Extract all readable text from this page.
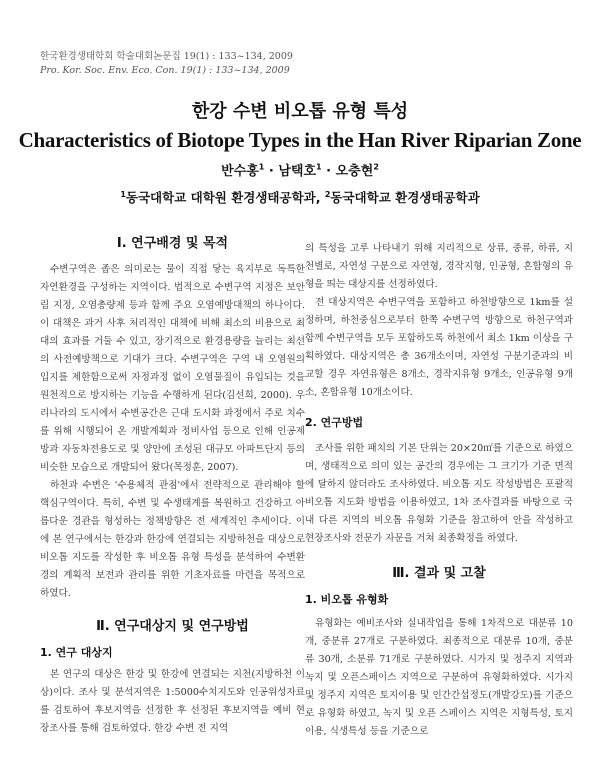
한국환경생태학회 학술대회논문집 19(1) : 133~134, 2009
Pro. Kor. Soc. Env. Eco. Con. 19(1) : 133~134, 2009
한강 수변 비오톱 유형 특성
Characteristics of Biotope Types in the Han River Riparian Zone
반수홍$^1$ · 남택호$^1$ · 오충현$^2$
$^1$동국대학교 대학원 환경생태공학과, $^2$동국대학교 환경생태공학과
Ⅰ. 연구배경 및 목적

수변구역은 좁은 의미로는 물이 직접 닿는 육지부로 독특한 자연환경을 구성하는 지역이다. 법적으로 수변구역 지정은 보안림 지정, 오염총량제 등과 함께 주요 오염예방대책의 하나이다. 이 대책은 과거 사후 처리적인 대책에 비해 최소의 비용으로 최대의 효과를 거둘 수 있고, 장기적으로 환경용량을 늘리는 최선의 사전예방책으로 기대가 크다. 수변구역은 구역 내 오염원의 입지를 제한함으로써 자정과정 없이 오염물질이 유입되는 것을 원천적으로 방지하는 기능을 수행하게 된다(김선희, 2000). 우리나라의 도시에서 수변공간은 근대 도시화 과정에서 주로 치수를 위해 시행되어 온 개발계획과 정비사업 등으로 인해 인공제방과 자동차전용도로 및 양안에 조성된 대규모 아파트단지 등의 비슷한 모습으로 개발되어 왔다(목정훈, 2007).

하천과 수변은 '수용체적 관점'에서 전략적으로 관리해야 할 핵심구역이다. 특히, 수변 및 수생태계를 복원하고 건강하고 아름다운 경관을 형성하는 정책방향은 전 세계적인 추세이다. 이에 본 연구에서는 한강과 한강에 연결되는 지방하천을 대상으로 비오톱 지도를 작성한 후 비오톱 유형 특성을 분석하여 수변환경의 계획적 보전과 관리를 위한 기초자료를 마련을 목적으로 하였다.

Ⅱ. 연구대상지 및 연구방법
1. 연구 대상지

본 연구의 대상은 한강 및 한강에 연결되는 지천(지방하천 이상)이다. 조사 및 분석지역은 1:5000수치지도와 인공위성자료를 검토하여 후보지역을 선정한 후 선정된 후보지역을 예비 현장조사를 통해 검토하였다. 한강 수변 전 지역

의 특성을 고루 나타내기 위해 지리적으로 상류, 중류, 하류, 지천별로, 자연성 구분으로 자연형, 경작지형, 인공형, 혼합형의 유형을 띄는 대상지를 선정하였다.

전 대상지역은 수변구역을 포함하고 하천방향으로 1km를 설정하며, 하천중심으로부터 한쪽 수변구역 방향으로 하천구역과 함께 수변구역을 모두 포함하도록 하천에서 최소 1km 이상을 구획하였다. 대상지역은 총 36개소이며, 자연성 구분기준과의 비교할 경우 자연유형은 8개소, 경작지유형 9개소, 인공유형 9개소, 혼합유형 10개소이다.

2. 연구방법

조사를 위한 패치의 기본 단위는 20×20㎡를 기준으로 하였으며, 생태적으로 의미 있는 공간의 경우에는 그 크기가 기준 면적에 달하지 않더라도 조사하였다. 비오톱 지도 작성방법은 포괄적 비오톱 지도화 방법을 이용하였고, 1차 조사결과를 바탕으로 국내 다른 지역의 비오톱 유형화 기준을 참고하여 안을 작성하고 현장조사와 전문가 자문을 거쳐 최종확정을 하였다.

Ⅲ. 결과 및 고찰
1. 비오톱 유형화

유형화는 예비조사와 실내작업을 통해 1차적으로 대분류 10개, 중분류 27개로 구분하였다. 최종적으로 대분류 10개, 중분류 30개, 소분류 71개로 구분하였다. 시가지 및 정주지 지역과 녹지 및 오픈스페이스 지역으로 구분하여 유형화하였다. 시가지 및 정주지 지역은 토지이용 및 인간간섭정도(개발강도)를 기준으로 유형화 하였고, 녹지 및 오픈 스페이스 지역은 지형특성, 토지이용, 식생특성 등을 기준으로
